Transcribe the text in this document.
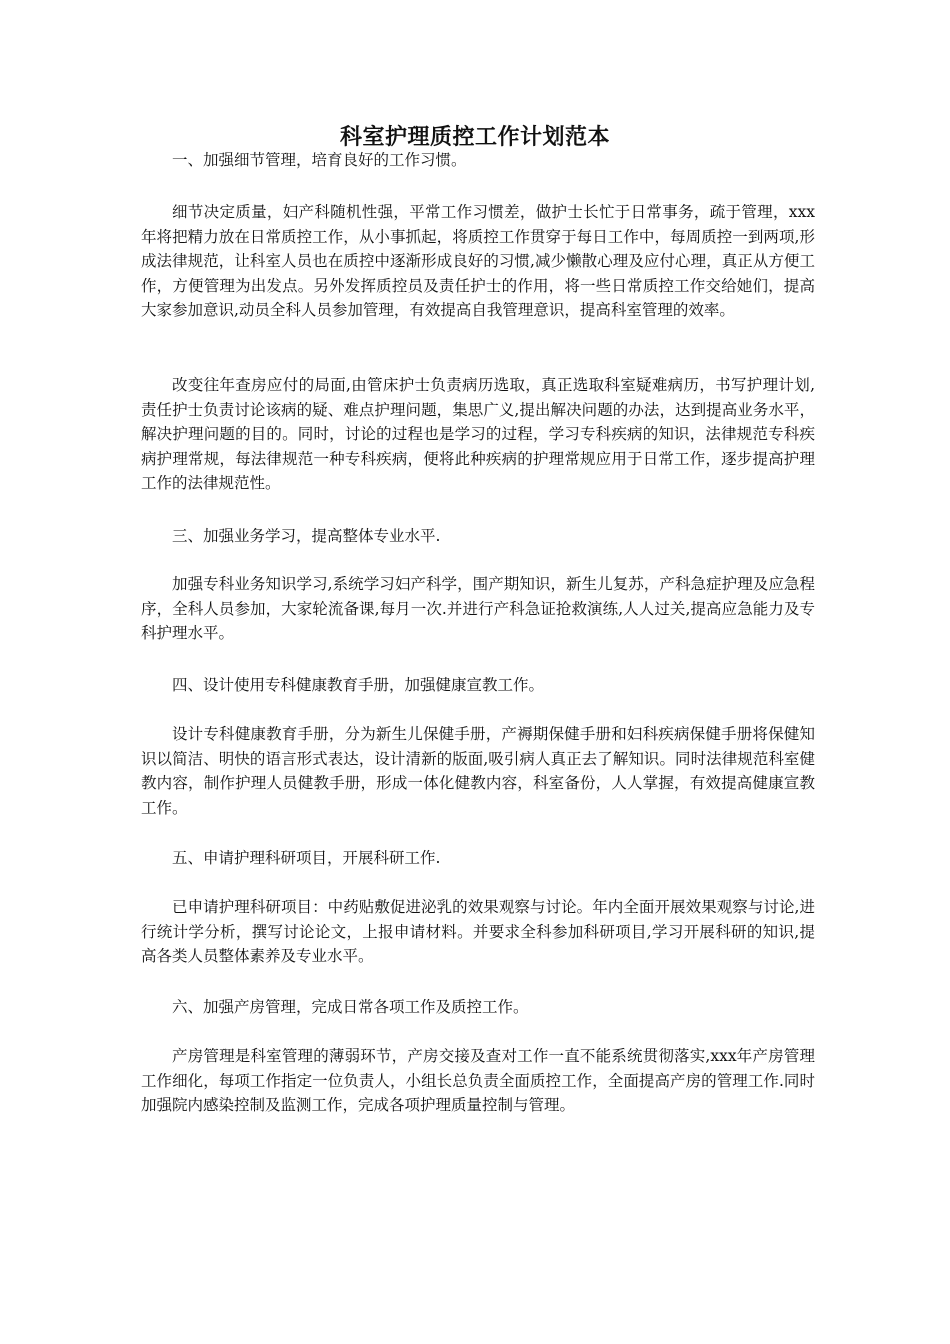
科室护理质控工作计划范本

一、加强细节管理，培育良好的工作习惯。

细节决定质量，妇产科随机性强，平常工作习惯差，做护士长忙于日常事务，疏于管理，xxx年将把精力放在日常质控工作，从小事抓起，将质控工作贯穿于每日工作中，每周质控一到两项,形成法律规范，让科室人员也在质控中逐渐形成良好的习惯,减少懒散心理及应付心理，真正从方便工作，方便管理为出发点。另外发挥质控员及责任护士的作用，将一些日常质控工作交给她们，提高大家参加意识,动员全科人员参加管理，有效提高自我管理意识，提高科室管理的效率。

改变往年查房应付的局面,由管床护士负责病历选取，真正选取科室疑难病历，书写护理计划,责任护士负责讨论该病的疑、难点护理问题，集思广义,提出解决问题的办法，达到提高业务水平，解决护理问题的目的。同时，讨论的过程也是学习的过程，学习专科疾病的知识，法律规范专科疾病护理常规，每法律规范一种专科疾病，便将此种疾病的护理常规应用于日常工作，逐步提高护理工作的法律规范性。

三、加强业务学习，提高整体专业水平.

加强专科业务知识学习,系统学习妇产科学，围产期知识，新生儿复苏，产科急症护理及应急程序，全科人员参加，大家轮流备课,每月一次.并进行产科急证抢救演练,人人过关,提高应急能力及专科护理水平。

四、设计使用专科健康教育手册，加强健康宣教工作。

设计专科健康教育手册，分为新生儿保健手册，产褥期保健手册和妇科疾病保健手册将保健知识以简洁、明快的语言形式表达，设计清新的版面,吸引病人真正去了解知识。同时法律规范科室健教内容，制作护理人员健教手册，形成一体化健教内容，科室备份，人人掌握，有效提高健康宣教工作。

五、申请护理科研项目，开展科研工作.

已申请护理科研项目：中药贴敷促进泌乳的效果观察与讨论。年内全面开展效果观察与讨论,进行统计学分析，撰写讨论论文，上报申请材料。并要求全科参加科研项目,学习开展科研的知识,提高各类人员整体素养及专业水平。

六、加强产房管理，完成日常各项工作及质控工作。

产房管理是科室管理的薄弱环节，产房交接及查对工作一直不能系统贯彻落实,xxx年产房管理工作细化，每项工作指定一位负责人，小组长总负责全面质控工作，全面提高产房的管理工作.同时加强院内感染控制及监测工作，完成各项护理质量控制与管理。
